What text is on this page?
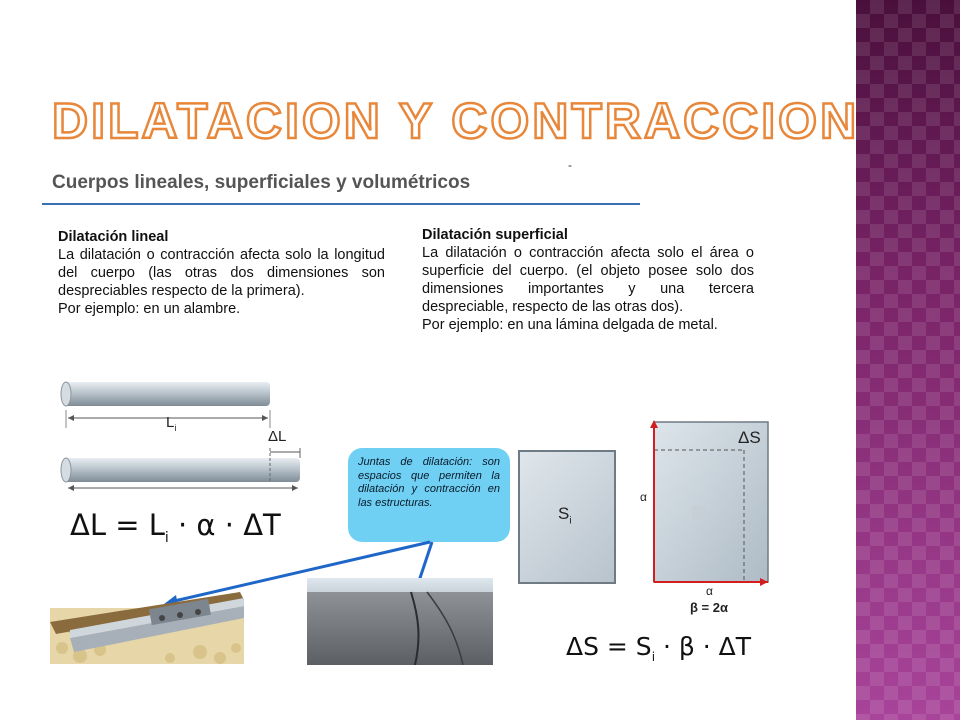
DILATACION Y CONTRACCION
Cuerpos lineales, superficiales y volumétricos
-
Dilatación lineal
La dilatación o contracción afecta solo la longitud del cuerpo (las otras dos dimensiones son despreciables respecto de la primera).
Por ejemplo: en un alambre.
Dilatación superficial
La dilatación o contracción afecta solo el área o superficie del cuerpo. (el objeto posee solo dos dimensiones importantes y una tercera despreciable, respecto de las otras dos).
Por ejemplo: en una lámina delgada de metal.
$L_i$	ΔL
$\Delta L = L_i \cdot \alpha \cdot \Delta T$
Juntas de dilatación: son espacios que permiten la dilatación y contracción en las estructuras.
$S_i$
ΔS
α
α
β = 2α
$\Delta S = S_i \cdot \beta \cdot \Delta T$
